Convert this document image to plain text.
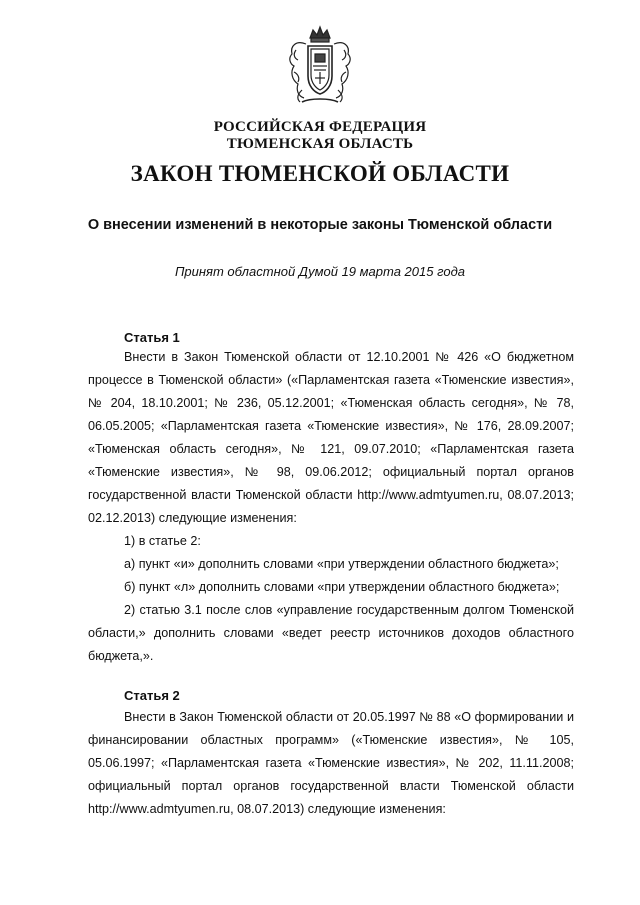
РОССИЙСКАЯ ФЕДЕРАЦИЯ
ТЮМЕНСКАЯ ОБЛАСТЬ
ЗАКОН ТЮМЕНСКОЙ ОБЛАСТИ
О внесении изменений в некоторые законы Тюменской области
Принят областной Думой 19 марта 2015 года
Статья 1

Внести в Закон Тюменской области от 12.10.2001 № 426 «О бюджетном процессе в Тюменской области» («Парламентская газета «Тюменские известия», № 204, 18.10.2001; № 236, 05.12.2001; «Тюменская область сегодня», № 78, 06.05.2005; «Парламентская газета «Тюменские известия», № 176, 28.09.2007; «Тюменская область сегодня», № 121, 09.07.2010; «Парламентская газета «Тюменские известия», № 98, 09.06.2012; официальный портал органов государственной власти Тюменской области http://www.admtyumen.ru, 08.07.2013; 02.12.2013) следующие изменения:

1) в статье 2:

а) пункт «и» дополнить словами «при утверждении областного бюджета»;

б) пункт «л» дополнить словами «при утверждении областного бюджета»;

2) статью 3.1 после слов «управление государственным долгом Тюменской области,» дополнить словами «ведет реестр источников доходов областного бюджета,».

Статья 2

Внести в Закон Тюменской области от 20.05.1997 № 88 «О формировании и финансировании областных программ» («Тюменские известия», № 105, 05.06.1997; «Парламентская газета «Тюменские известия», № 202, 11.11.2008; официальный портал органов государственной власти Тюменской области http://www.admtyumen.ru, 08.07.2013) следующие изменения:
